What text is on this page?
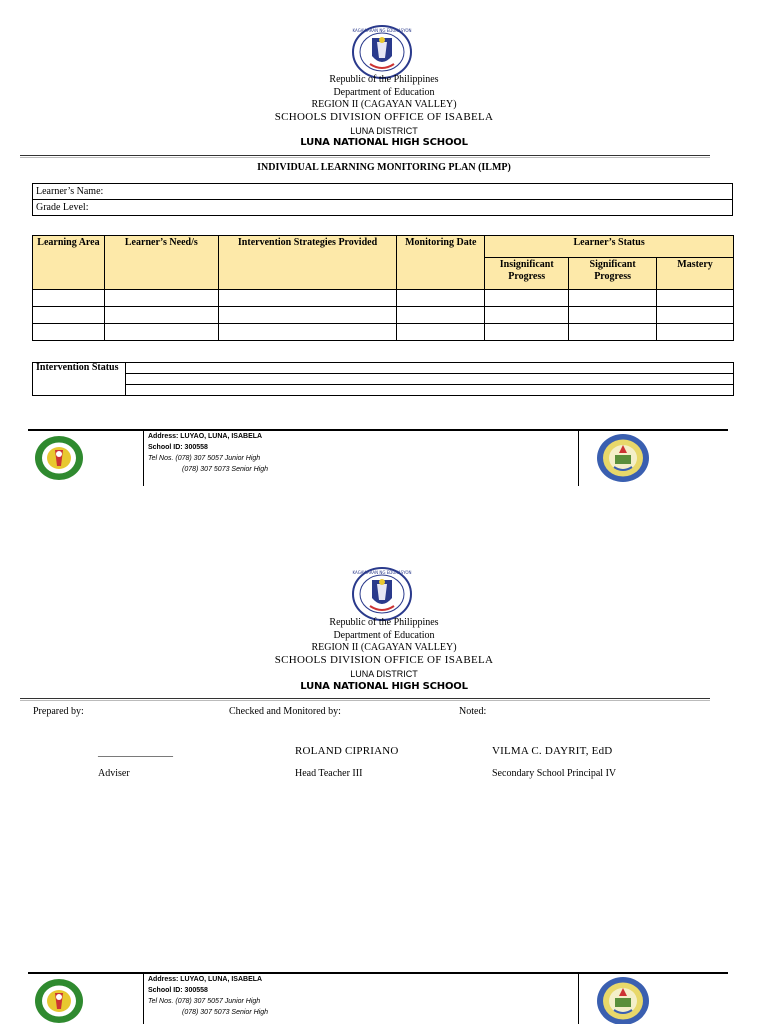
KAGAWARAN NG EDUKASYON
Republic of the Philippines
Department of Education
REGION II (CAGAYAN VALLEY)
SCHOOLS DIVISION OFFICE OF ISABELA
LUNA DISTRICT
LUNA NATIONAL HIGH SCHOOL
INDIVIDUAL LEARNING MONITORING PLAN (ILMP)
Learner’s Name:
Grade Level:
Learning Area	Learner’s Need/s	Intervention Strategies Provided	Monitoring Date	Learner’s Status		
				Insignificant Progress	Significant Progress	Mastery

Intervention Status	

Address: LUYAO, LUNA, ISABELA
School ID: 300558
Tel Nos. (078) 307 5057 Junior High
(078) 307 5073 Senior High
KAGAWARAN NG EDUKASYON
Republic of the Philippines
Department of Education
REGION II (CAGAYAN VALLEY)
SCHOOLS DIVISION OFFICE OF ISABELA
LUNA DISTRICT
LUNA NATIONAL HIGH SCHOOL
Prepared by:	Checked and Monitored by:	Noted:
_______________	ROLAND CIPRIANO	VILMA C. DAYRIT, EdD
Adviser	Head Teacher III	Secondary School Principal IV
Address: LUYAO, LUNA, ISABELA
School ID: 300558
Tel Nos. (078) 307 5057 Junior High
(078) 307 5073 Senior High
